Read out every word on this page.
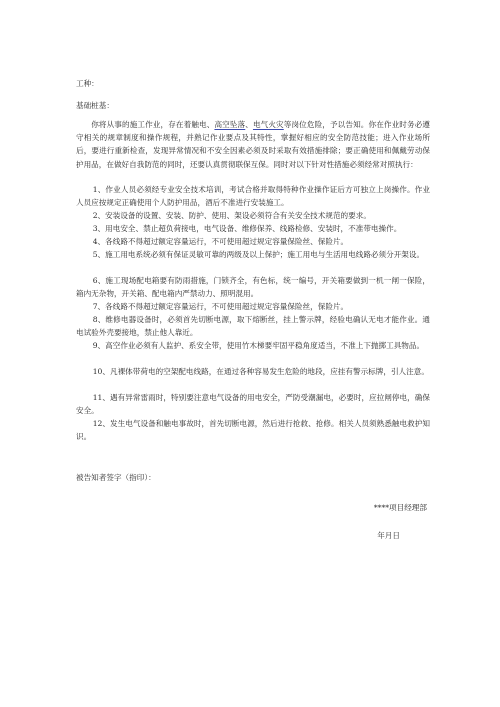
工种：
基础桩基：
你将从事的施工作业，存在着触电、高空坠落、电气火灾等岗位危险，予以告知。你在作业时务必遵守相关的规章制度和操作规程，并熟记作业要点及其特性，掌握好相应的安全防范技能；进入作业场所后，要进行重新检查，发现异常情况和不安全因素必须及时采取有效措施排除；要正确使用和佩戴劳动保护用品，在做好自我防范的同时，还要认真贯彻联保互保。同时对以下针对性措施必须经常对照执行：
1、作业人员必须经专业安全技术培训，考试合格并取得特种作业操作证后方可独立上岗操作。作业人员应按规定正确使用个人防护用品，酒后不准进行安装施工。
2、安装设备的设置、安装、防护、使用、架设必须符合有关安全技术规范的要求。
3、用电安全、禁止超负荷接电，电气设备、维修保养、线路检修、安装时，不准带电操作。
4、各线路不得超过额定容量运行，不可使用超过规定容量保险丝、保险片。
5、施工用电系统必须有保证灵敏可靠的两级及以上保护；施工用电与生活用电线路必须分开架设。
6、施工现场配电箱要有防雨措施，门锁齐全，有色标，统一编号，开关箱要做到一机一闸一保险，箱内无杂物，开关箱、配电箱内严禁动力、照明混用。
7、各线路不得超过额定容量运行，不可使用超过规定容量保险丝，保险片。
8、维修电器设备时，必须首先切断电源，取下熔断丝，挂上警示牌，经验电确认无电才能作业。通电试验外壳要接地，禁止他人靠近。
9、高空作业必须有人监护、系安全带，使用竹木梯要牢固平稳角度适当，不准上下抛掷工具物品。
10、凡裸体带荷电的空架配电线路，在通过各种容易发生危险的地段，应挂有警示标牌，引人注意。
11、遇有异常雷雨时，特别要注意电气设备的用电安全，严防受潮漏电，必要时，应拉闸停电，确保安全。
12、发生电气设备和触电事故时，首先切断电源，然后进行抢救、抢修。相关人员须熟悉触电救护知识。
被告知者签字（指印）：
****项目经理部
年月日
